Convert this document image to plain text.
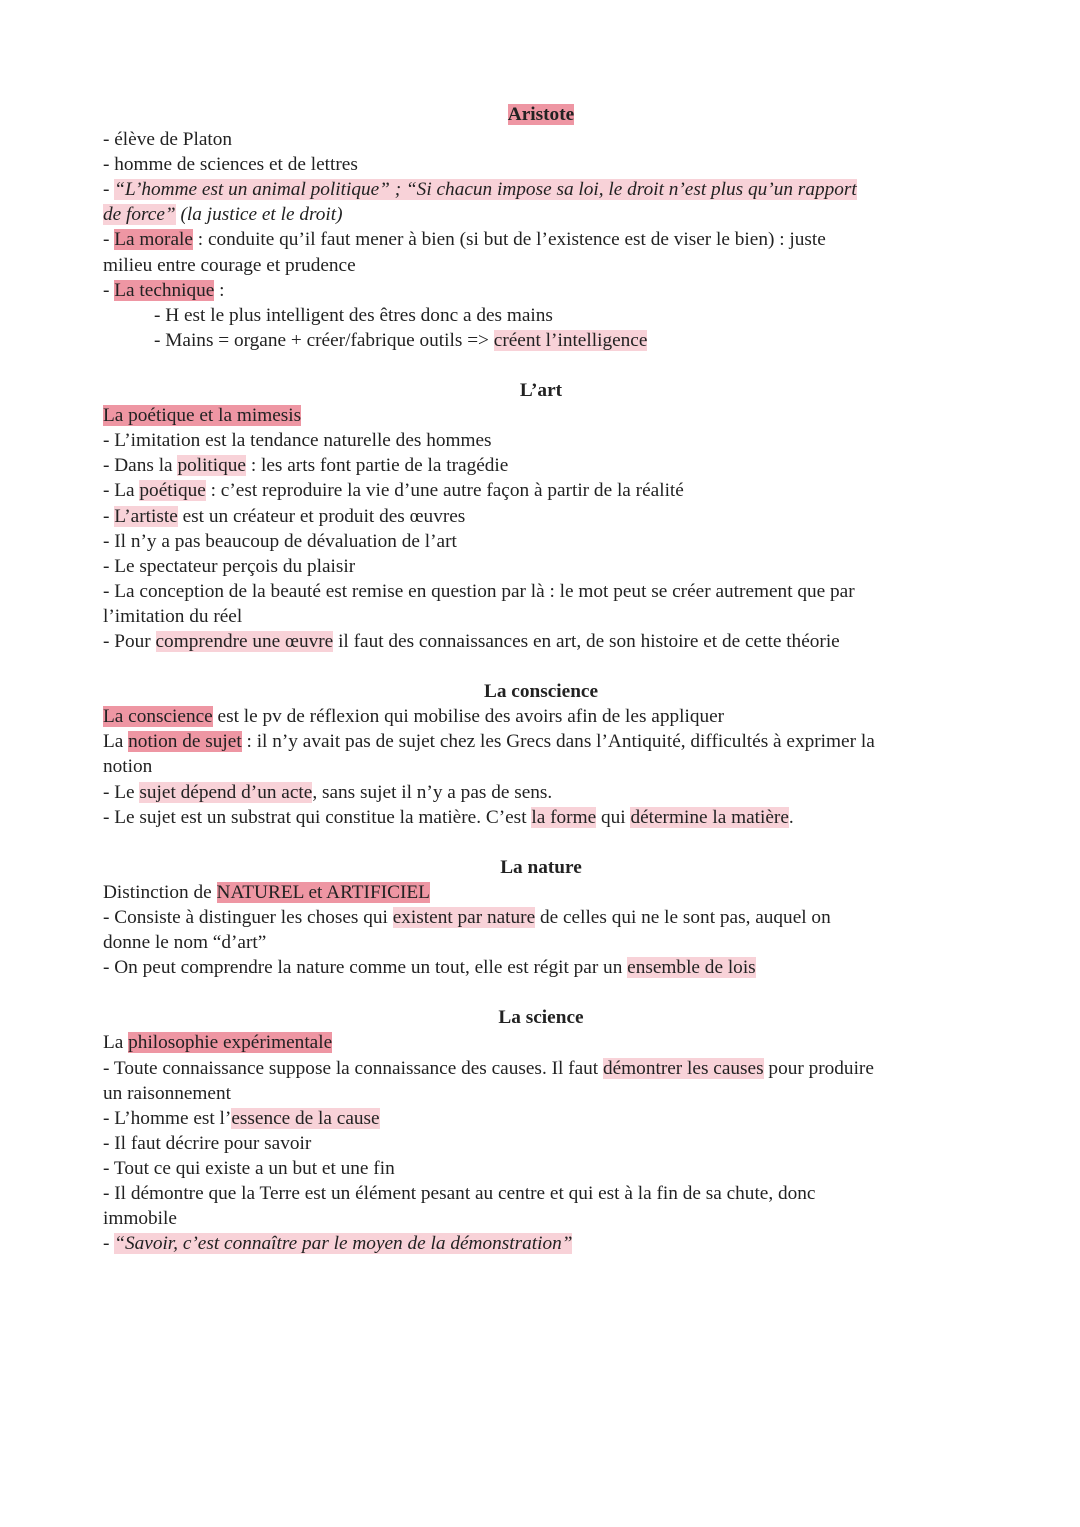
Aristote
- élève de Platon
- homme de sciences et de lettres
- “L’homme est un animal politique” ; “Si chacun impose sa loi, le droit n’est plus qu’un rapport
de force” (la justice et le droit)
- La morale : conduite qu’il faut mener à bien (si but de l’existence est de viser le bien) : juste
milieu entre courage et prudence
- La technique :
- H est le plus intelligent des êtres donc a des mains
- Mains = organe + créer/fabrique outils => créent l’intelligence
L’art
La poétique et la mimesis
- L’imitation est la tendance naturelle des hommes
- Dans la politique : les arts font partie de la tragédie
- La poétique : c’est reproduire la vie d’une autre façon à partir de la réalité
- L’artiste est un créateur et produit des œuvres
- Il n’y a pas beaucoup de dévaluation de l’art
- Le spectateur perçois du plaisir
- La conception de la beauté est remise en question par là : le mot peut se créer autrement que par
l’imitation du réel
- Pour comprendre une œuvre il faut des connaissances en art, de son histoire et de cette théorie
La conscience
La conscience est le pv de réflexion qui mobilise des avoirs afin de les appliquer
La notion de sujet : il n’y avait pas de sujet chez les Grecs dans l’Antiquité, difficultés à exprimer la
notion
- Le sujet dépend d’un acte, sans sujet il n’y a pas de sens.
- Le sujet est un substrat qui constitue la matière. C’est la forme qui détermine la matière.
La nature
Distinction de NATUREL et ARTIFICIEL
- Consiste à distinguer les choses qui existent par nature de celles qui ne le sont pas, auquel on
donne le nom “d’art”
- On peut comprendre la nature comme un tout, elle est régit par un ensemble de lois
La science
La philosophie expérimentale
- Toute connaissance suppose la connaissance des causes. Il faut démontrer les causes pour produire
un raisonnement
- L’homme est l’essence de la cause
- Il faut décrire pour savoir
- Tout ce qui existe a un but et une fin
- Il démontre que la Terre est un élément pesant au centre et qui est à la fin de sa chute, donc
immobile
- “Savoir, c’est connaître par le moyen de la démonstration”
